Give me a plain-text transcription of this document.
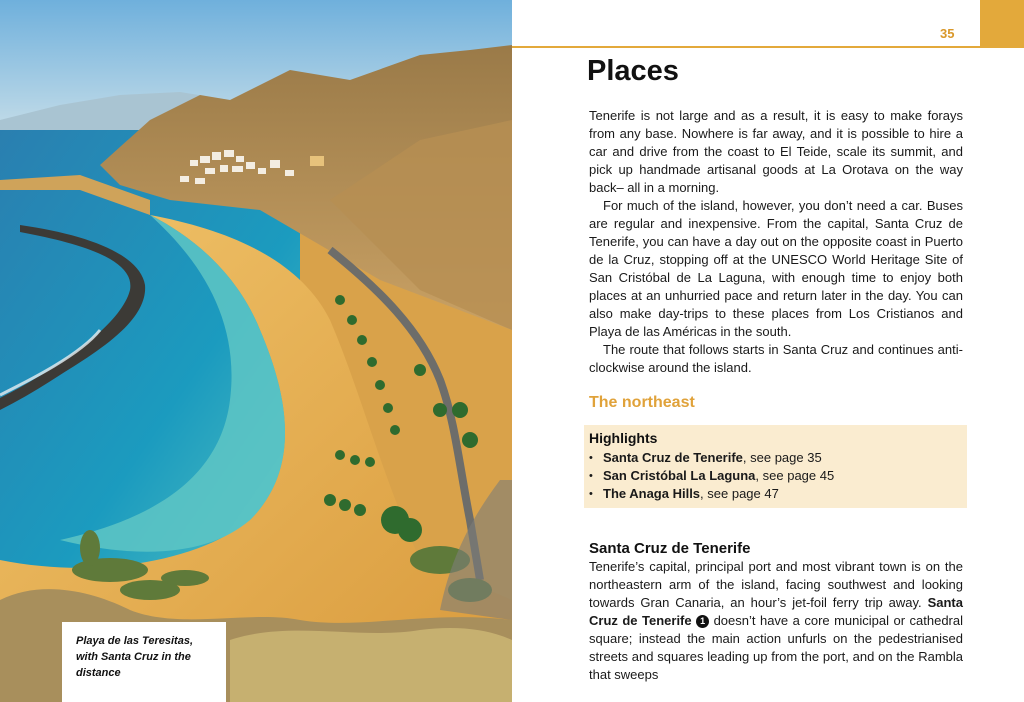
Playa de las Teresitas, with Santa Cruz in the distance

35
Places

Tenerife is not large and as a result, it is easy to make forays from any base. Nowhere is far away, and it is possible to hire a car and drive from the coast to El Teide, scale its summit, and pick up handmade artisanal goods at La Orotava on the way back– all in a morning.

For much of the island, however, you don’t need a car. Buses are regular and inexpensive. From the capital, Santa Cruz de Tenerife, you can have a day out on the opposite coast in Puerto de la Cruz, stopping off at the UNESCO World Heritage Site of San Cristóbal de La Laguna, with enough time to enjoy both places at an unhurried pace and return later in the day. You can also make day-trips to these places from Los Cristianos and Playa de las Américas in the south.

The route that follows starts in Santa Cruz and continues anticlockwise around the island.

The northeast
Highlights
• Santa Cruz de Tenerife, see page 35
• San Cristóbal La Laguna, see page 45
• The Anaga Hills, see page 47
Santa Cruz de Tenerife

Tenerife’s capital, principal port and most vibrant town is on the northeastern arm of the island, facing southwest and looking towards Gran Canaria, an hour’s jet-foil ferry trip away. Santa Cruz de Tenerife 1 doesn’t have a core municipal or cathedral square; instead the main action unfurls on the pedestrianised streets and squares leading up from the port, and on the Rambla that sweeps
